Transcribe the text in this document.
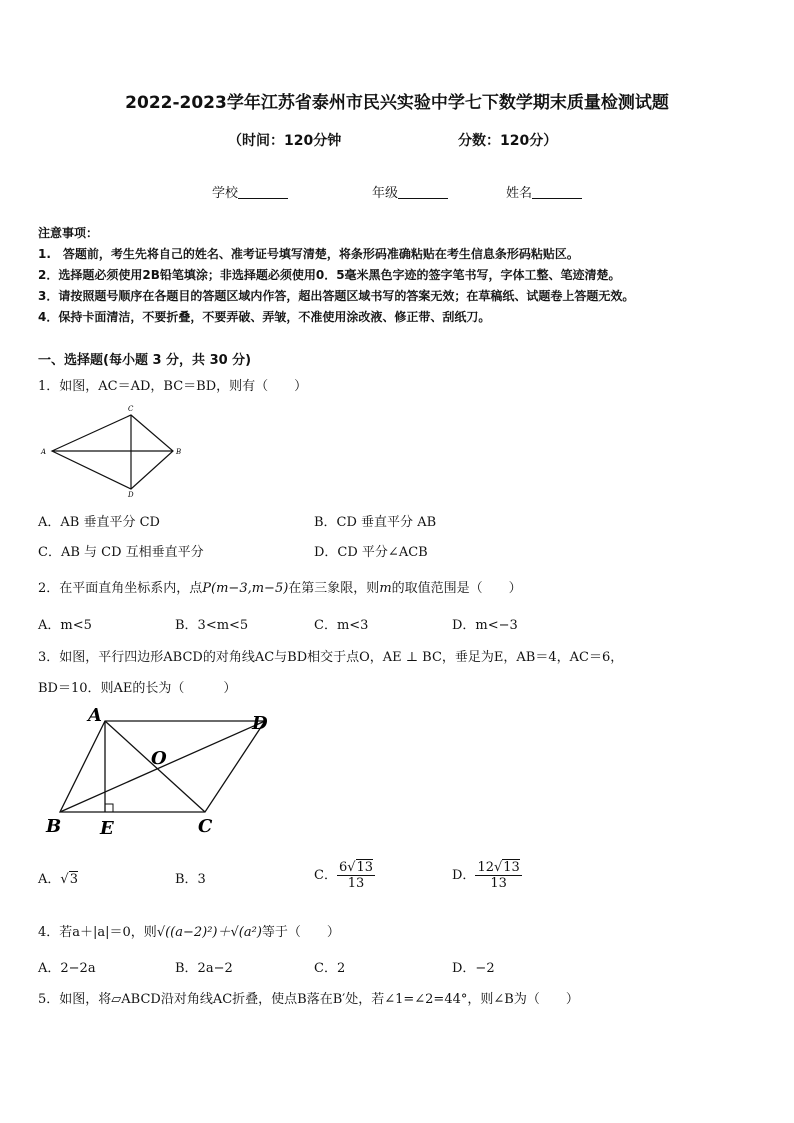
2022-2023学年江苏省泰州市民兴实验中学七下数学期末质量检测试题
（时间：120分钟	分数：120分）
学校	年级	姓名
注意事项：
1.　答题前，考生先将自己的姓名、准考证号填写清楚，将条形码准确粘贴在考生信息条形码粘贴区。
2．选择题必须使用2B铅笔填涂；非选择题必须使用0．5毫米黑色字迹的签字笔书写，字体工整、笔迹清楚。
3．请按照题号顺序在各题目的答题区域内作答，超出答题区域书写的答案无效；在草稿纸、试题卷上答题无效。
4．保持卡面清洁，不要折叠，不要弄破、弄皱，不准使用涂改液、修正带、刮纸刀。
一、选择题(每小题 3 分，共 30 分)
1．如图，AC＝AD，BC＝BD，则有（　　）
A	B
C
D
A．AB 垂直平分 CD	B．CD 垂直平分 AB
C．AB 与 CD 互相垂直平分	D．CD 平分∠ACB
2．在平面直角坐标系内，点P(m−3,m−5)在第三象限，则m的取值范围是（　　）
A．m<5	B．3<m<5	C．m<3	D．m<−3
3．如图，平行四边形ABCD的对角线AC与BD相交于点O，AE ⊥ BC，垂足为E，AB＝4，AC＝6，
BD＝10．则AE的长为（　　　）
A	D
O
B E	C
A．√3	B．3	C． $\frac{6√13}{13}$	D． $\frac{12√13}{13}$
4．若a＋|a|＝0，则√((a−2)²)＋√(a²)等于（　　）
A．2−2a	B．2a−2	C．2	D．−2
5．如图，将▱ABCD沿对角线AC折叠，使点B落在B′处，若∠1=∠2=44°，则∠B为（　　）
